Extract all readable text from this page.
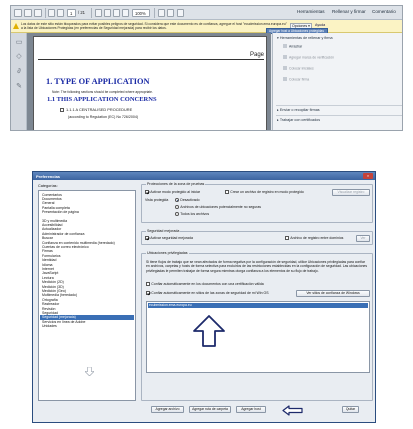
1 / 21	100%	Herramientas Rellenar y firmar Comentario
Los datos de este sitio están bloqueados para evitar posibles peligros de seguridad. Si considera que este documento es de confianza, agregue el host "ecuderission.ema.europa.eu" a la lista de Ubicaciones Protegidas (en preferencias de Seguridad mejorada) para recibir los datos.
Opciones ▾	Ayuda
Agregar host a Ubicaciones protegidas
▭
◇
∂
✎
Page
1. TYPE OF APPLICATION
Note: The following sections should be completed where appropriate.
1.1 THIS APPLICATION CONCERNS
1.1.1 A CENTRALISED PROCEDURE
(according to Regulation (EC) No 726/2004)
▾ Herramientas de rellenar y firma
Arrastrar
Agregar marca de verificación
Colocar iniciales
Colocar firma
▸ Enviar o recopilar firmas
▸ Trabajar con certificados
Preferencias	×
Categorías:
Comentarios
Documentos
General
Pantalla completa
Presentación de página
3D y multimedia
Accesibilidad
Actualizador
Administrador de confianza
Buscar
Confianza en contenido multimedia (heredado)
Cuentas de correo electrónico
Firmas
Formularios
Identidad
Idioma
Internet
JavaScript
Lectura
Medición (2D)
Medición (3D)
Medición (Geo)
Multimedia (heredado)
Ortografía
Rastreador
Revisión
Seguridad
Seguridad (mejorada)
Servicios en línea de Adobe
Unidades
Protecciones de la zona de pruebas
Activar modo protegido al iniciar	Crear un archivo de registro en modo protegido	Visualizar registro
Vista protegida	Desactivado
Archivos de ubicaciones potencialmente no seguras
Todos los archivos
Seguridad mejorada
Activar seguridad mejorada	Archivo de registro entre dominios	Ver
Ubicaciones privilegiadas
Si tiene flujos de trabajo que se vean afectados de forma negativa por la configuración de seguridad, utilice Ubicaciones privilegiadas para confiar en archivos, carpetas y hosts de forma selectiva para excluirlos de las restricciones establecidas en la configuración de seguridad. Las ubicaciones privilegiadas le permiten trabajar de forma segura mientras otorga confianza a los elementos de su flujo de trabajo.
Confiar automáticamente en los documentos con una certificación válida
Confiar automáticamente en sitios de las zonas de seguridad de mi Win OS	Ver sitios de confianza de Windows
ecubmission.ema.europa.eu
Agregar archivo	Agregar ruta de carpeta	Agregar host	Quitar
